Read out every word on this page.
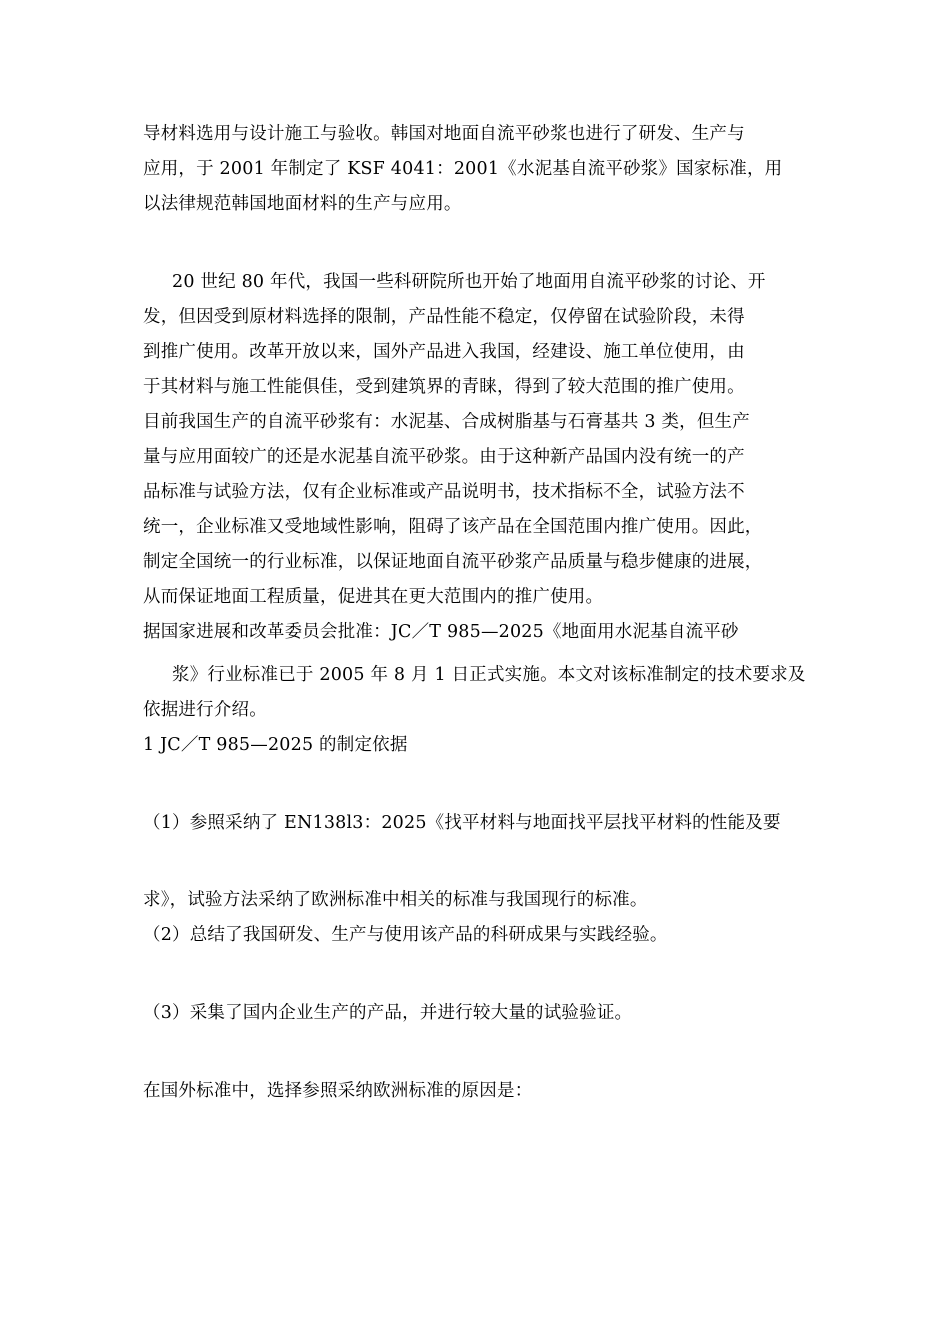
导材料选用与设计施工与验收。韩国对地面自流平砂浆也进行了研发、生产与

应用，于 2001 年制定了 KSF 4041：2001《水泥基自流平砂浆》国家标准，用

以法律规范韩国地面材料的生产与应用。

20 世纪 80 年代，我国一些科研院所也开始了地面用自流平砂浆的讨论、开

发，但因受到原材料选择的限制，产品性能不稳定，仅停留在试验阶段，未得

到推广使用。改革开放以来，国外产品进入我国，经建设、施工单位使用，由

于其材料与施工性能俱佳，受到建筑界的青睐，得到了较大范围的推广使用。

目前我国生产的自流平砂浆有：水泥基、合成树脂基与石膏基共 3 类，但生产

量与应用面较广的还是水泥基自流平砂浆。由于这种新产品国内没有统一的产

品标准与试验方法，仅有企业标准或产品说明书，技术指标不全，试验方法不

统一，企业标准又受地域性影响，阻碍了该产品在全国范围内推广使用。因此，

制定全国统一的行业标准，以保证地面自流平砂浆产品质量与稳步健康的进展，

从而保证地面工程质量，促进其在更大范围内的推广使用。

据国家进展和改革委员会批准：JC／T 985—2025《地面用水泥基自流平砂

浆》行业标准已于 2005 年 8 月 1 日正式实施。本文对该标准制定的技术要求及

依据进行介绍。

1 JC／T 985—2025 的制定依据

（1）参照采纳了 EN138l3：2025《找平材料与地面找平层找平材料的性能及要

求》，试验方法采纳了欧洲标准中相关的标准与我国现行的标准。

（2）总结了我国研发、生产与使用该产品的科研成果与实践经验。

（3）采集了国内企业生产的产品，并进行较大量的试验验证。

在国外标准中，选择参照采纳欧洲标准的原因是：
